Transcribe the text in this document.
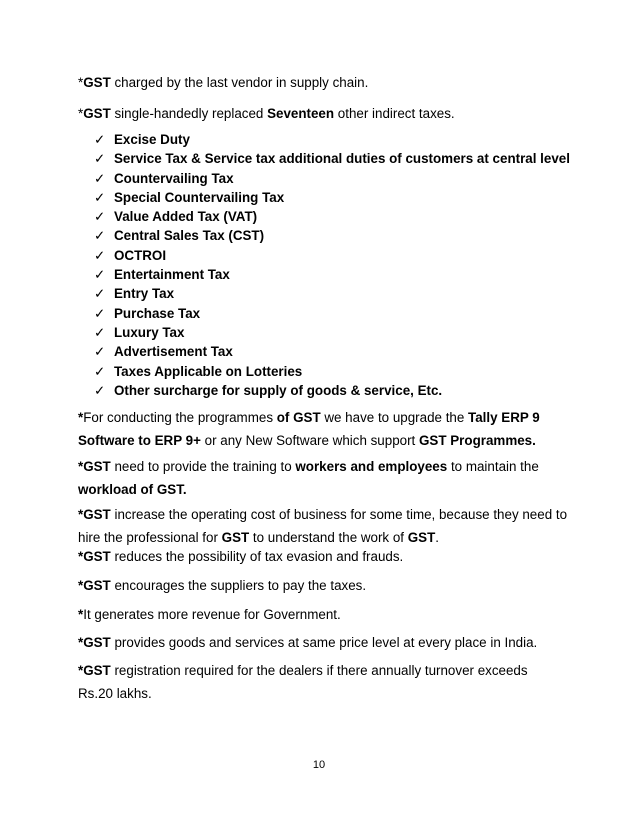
*GST charged by the last vendor in supply chain.

*GST single-handedly replaced Seventeen other indirect taxes.

✓ Excise Duty
✓ Service Tax & Service tax additional duties of customers at central level
✓ Countervailing Tax
✓ Special Countervailing Tax
✓ Value Added Tax (VAT)
✓ Central Sales Tax (CST)
✓ OCTROI
✓ Entertainment Tax
✓ Entry Tax
✓ Purchase Tax
✓ Luxury Tax
✓ Advertisement Tax
✓ Taxes Applicable on Lotteries
✓ Other surcharge for supply of goods & service, Etc.
*For conducting the programmes of GST we have to upgrade the Tally ERP 9
Software to ERP 9+ or any New Software which support GST Programmes.
*GST need to provide the training to workers and employees to maintain the
workload of GST.
*GST increase the operating cost of business for some time, because they need to
hire the professional for GST to understand the work of GST.
*GST reduces the possibility of tax evasion and frauds.
*GST encourages the suppliers to pay the taxes.
*It generates more revenue for Government.
*GST provides goods and services at same price level at every place in India.
*GST registration required for the dealers if there annually turnover exceeds
Rs.20 lakhs.
10
